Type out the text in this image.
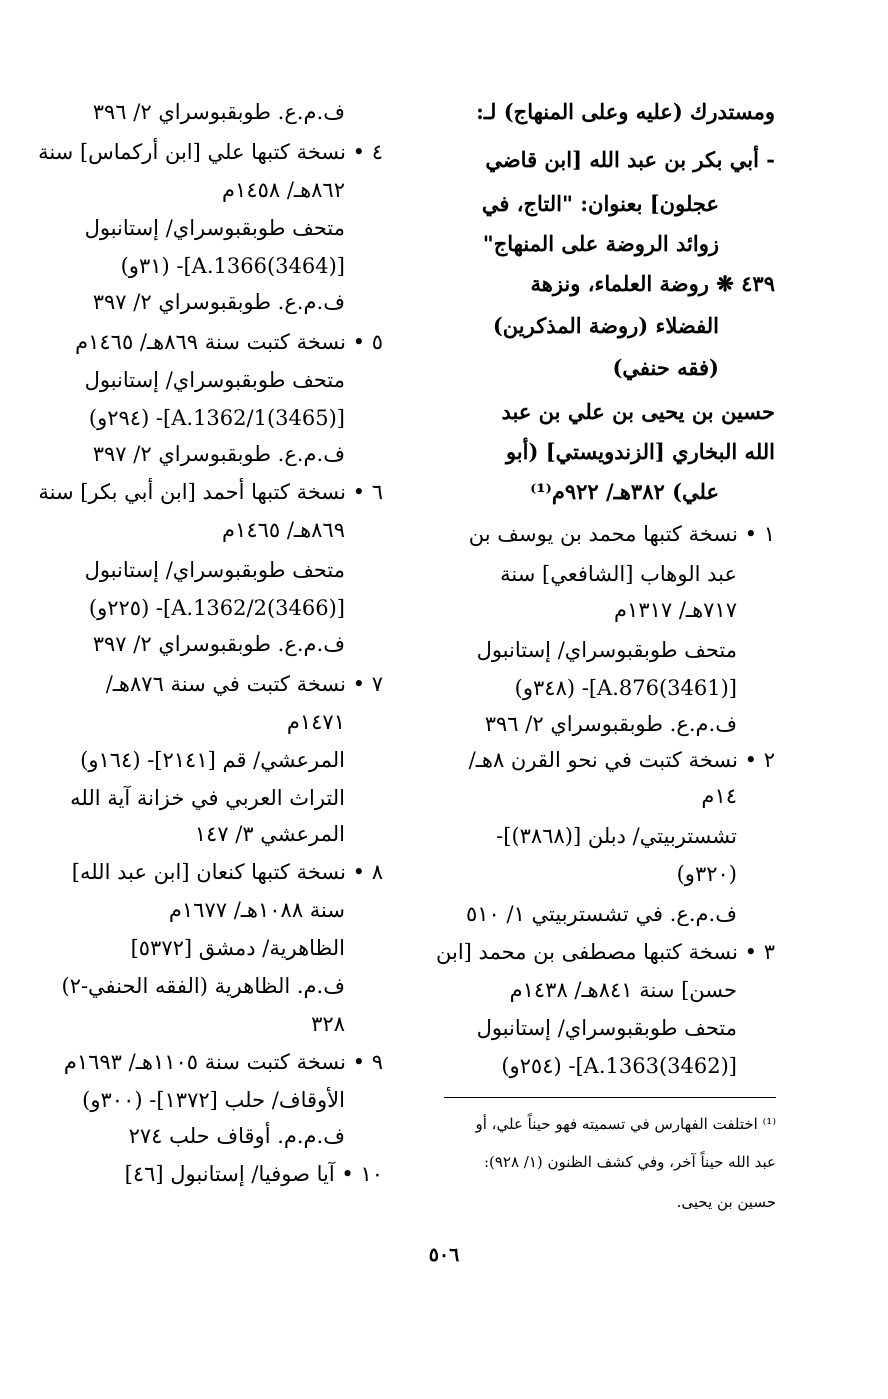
ومستدرك (عليه وعلى المنهاج) لـ:
- أبي بكر بن عبد الله [ابن قاضي
عجلون] بعنوان: "التاج، في
زوائد الروضة على المنهاج"
٤٣٩ ❋ روضة العلماء، ونزهة
الفضلاء (روضة المذكرين)
(فقه حنفي)
حسين بن يحيى بن علي بن عبد
الله البخاري [الزندويستي] (أبو
علي) ٣٨٢هـ/ ٩٢٢م⁽¹⁾
١ • نسخة كتبها محمد بن يوسف بن
عبد الوهاب [الشافعي] سنة
٧١٧هـ/ ١٣١٧م
متحف طوبقبوسراي/ إستانبول
[A.876(3461)]- (٣٤٨و)
ف.م.ع. طوبقبوسراي ٢/ ٣٩٦
٢ • نسخة كتبت في نحو القرن ٨هـ/
١٤م
تشستربيتي/ دبلن [(٣٨٦٨)]-
(٣٢٠و)
ف.م.ع. في تشستربيتي ١/ ٥١٠
٣ • نسخة كتبها مصطفى بن محمد [ابن
حسن] سنة ٨٤١هـ/ ١٤٣٨م
متحف طوبقبوسراي/ إستانبول
[A.1363(3462)]- (٢٥٤و)
ف.م.ع. طوبقبوسراي ٢/ ٣٩٦
٤ • نسخة كتبها علي [ابن أركماس] سنة
٨٦٢هـ/ ١٤٥٨م
متحف طوبقبوسراي/ إستانبول
[A.1366(3464)]- (٣١و)
ف.م.ع. طوبقبوسراي ٢/ ٣٩٧
٥ • نسخة كتبت سنة ٨٦٩هـ/ ١٤٦٥م
متحف طوبقبوسراي/ إستانبول
[A.1362/1(3465)]- (٢٩٤و)
ف.م.ع. طوبقبوسراي ٢/ ٣٩٧
٦ • نسخة كتبها أحمد [ابن أبي بكر] سنة
٨٦٩هـ/ ١٤٦٥م
متحف طوبقبوسراي/ إستانبول
[A.1362/2(3466)]- (٢٢٥و)
ف.م.ع. طوبقبوسراي ٢/ ٣٩٧
٧ • نسخة كتبت في سنة ٨٧٦هـ/
١٤٧١م
المرعشي/ قم [٢١٤١]- (١٦٤و)
التراث العربي في خزانة آية الله
المرعشي ٣/ ١٤٧
٨ • نسخة كتبها كنعان [ابن عبد الله]
سنة ١٠٨٨هـ/ ١٦٧٧م
الظاهرية/ دمشق [٥٣٧٢]
ف.م. الظاهرية (الفقه الحنفي-٢)
٣٢٨
٩ • نسخة كتبت سنة ١١٠٥هـ/ ١٦٩٣م
الأوقاف/ حلب [١٣٧٢]- (٣٠٠و)
ف.م.م. أوقاف حلب ٢٧٤
١٠ • آيا صوفيا/ إستانبول [٤٦]
⁽¹⁾ اختلفت الفهارس في تسميته فهو حيناً علي، أو
عبد الله حيناً آخر، وفي كشف الظنون (١/ ٩٢٨):
حسين بن يحيى.
٥٠٦
